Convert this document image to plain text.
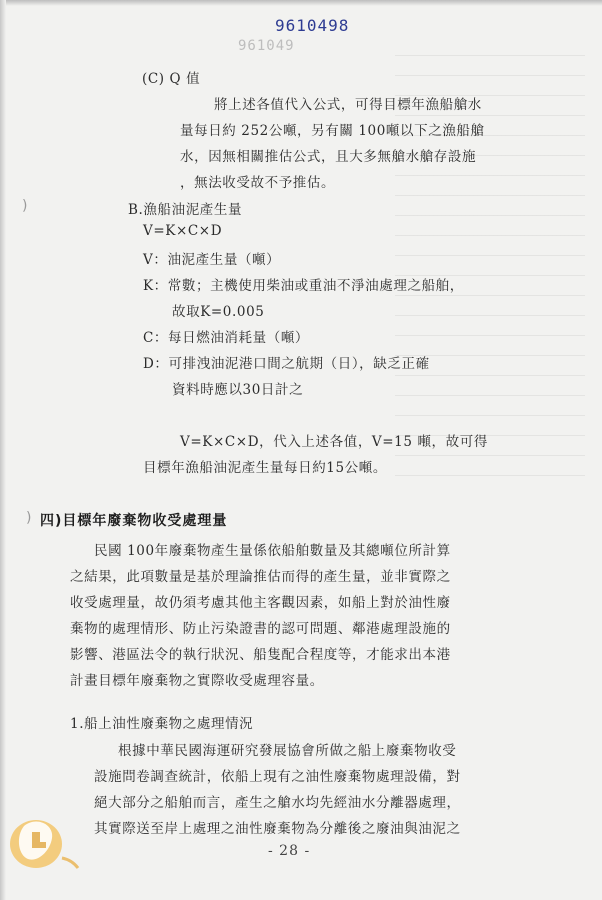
9610498
961049
(C) Q 值
將上述各值代入公式，可得目標年漁船艙水
量每日約 252公噸，另有關 100噸以下之漁船艙
水，因無相關推估公式，且大多無艙水艙存設施
，無法收受故不予推估。
B.漁船油泥產生量
V=K×C×D
V：油泥產生量（噸）
K：常數；主機使用柴油或重油不淨油處理之船舶，
故取K=0.005
C：每日燃油消耗量（噸）
D：可排洩油泥港口間之航期（日），缺乏正確
資料時應以30日計之
V=K×C×D，代入上述各值，V=15 噸，故可得
目標年漁船油泥產生量每日約15公噸。
四)目標年廢棄物收受處理量
民國 100年廢棄物產生量係依船舶數量及其總噸位所計算
之結果，此項數量是基於理論推估而得的產生量，並非實際之
收受處理量，故仍須考慮其他主客觀因素，如船上對於油性廢
棄物的處理情形、防止污染證書的認可問題、鄰港處理設施的
影響、港區法令的執行狀況、船隻配合程度等，才能求出本港
計畫目標年廢棄物之實際收受處理容量。
1.船上油性廢棄物之處理情況
根據中華民國海運研究發展協會所做之船上廢棄物收受
設施問卷調查統計，依船上現有之油性廢棄物處理設備，對
絕大部分之船舶而言，產生之艙水均先經油水分離器處理，
其實際送至岸上處理之油性廢棄物為分離後之廢油與油泥之
- 28 -
)
)
